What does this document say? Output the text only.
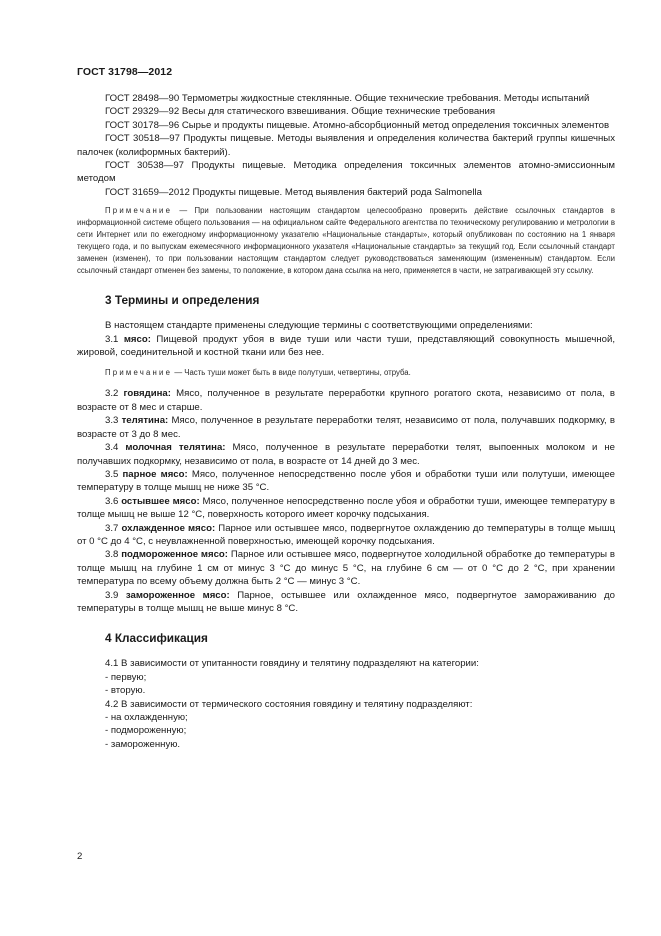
ГОСТ 31798—2012

ГОСТ 28498—90 Термометры жидкостные стеклянные. Общие технические требования. Методы испытаний

ГОСТ 29329—92 Весы для статического взвешивания. Общие технические требования

ГОСТ 30178—96 Сырье и продукты пищевые. Атомно-абсорбционный метод определения токсичных элементов

ГОСТ 30518—97 Продукты пищевые. Методы выявления и определения количества бактерий группы кишечных палочек (колиформных бактерий).

ГОСТ 30538—97 Продукты пищевые. Методика определения токсичных элементов атомно-эмиссионным методом

ГОСТ 31659—2012 Продукты пищевые. Метод выявления бактерий рода Salmonella

Примечание — При пользовании настоящим стандартом целесообразно проверить действие ссылочных стандартов в информационной системе общего пользования — на официальном сайте Федерального агентства по техническому регулированию и метрологии в сети Интернет или по ежегодному информационному указателю «Национальные стандарты», который опубликован по состоянию на 1 января текущего года, и по выпускам ежемесячного информационного указателя «Национальные стандарты» за текущий год. Если ссылочный стандарт заменен (изменен), то при пользовании настоящим стандартом следует руководствоваться заменяющим (измененным) стандартом. Если ссылочный стандарт отменен без замены, то положение, в котором дана ссылка на него, применяется в части, не затрагивающей эту ссылку.

3 Термины и определения

В настоящем стандарте применены следующие термины с соответствующими определениями:

3.1 мясо: Пищевой продукт убоя в виде туши или части туши, представляющий совокупность мышечной, жировой, соединительной и костной ткани или без нее.

Примечание — Часть туши может быть в виде полутуши, четвертины, отруба.

3.2 говядина: Мясо, полученное в результате переработки крупного рогатого скота, независимо от пола, в возрасте от 8 мес и старше.

3.3 телятина: Мясо, полученное в результате переработки телят, независимо от пола, получавших подкормку, в возрасте от 3 до 8 мес.

3.4 молочная телятина: Мясо, полученное в результате переработки телят, выпоенных молоком и не получавших подкормку, независимо от пола, в возрасте от 14 дней до 3 мес.

3.5 парное мясо: Мясо, полученное непосредственно после убоя и обработки туши или полутуши, имеющее температуру в толще мышц не ниже 35 °С.

3.6 остывшее мясо: Мясо, полученное непосредственно после убоя и обработки туши, имеющее температуру в толще мышц не выше 12 °С, поверхность которого имеет корочку подсыхания.

3.7 охлажденное мясо: Парное или остывшее мясо, подвергнутое охлаждению до температуры в толще мышц от 0 °С до 4 °С, с неувлажненной поверхностью, имеющей корочку подсыхания.

3.8 подмороженное мясо: Парное или остывшее мясо, подвергнутое холодильной обработке до температуры в толще мышц на глубине 1 см от минус 3 °С до минус 5 °С, на глубине 6 см — от 0 °С до 2 °С, при хранении температура по всему объему должна быть 2 °С — минус 3 °С.

3.9 замороженное мясо: Парное, остывшее или охлажденное мясо, подвергнутое замораживанию до температуры в толще мышц не выше минус 8 °С.

4 Классификация

4.1 В зависимости от упитанности говядину и телятину подразделяют на категории:

- первую;

- вторую.

4.2 В зависимости от термического состояния говядину и телятину подразделяют:

- на охлажденную;

- подмороженную;

- замороженную.

2
